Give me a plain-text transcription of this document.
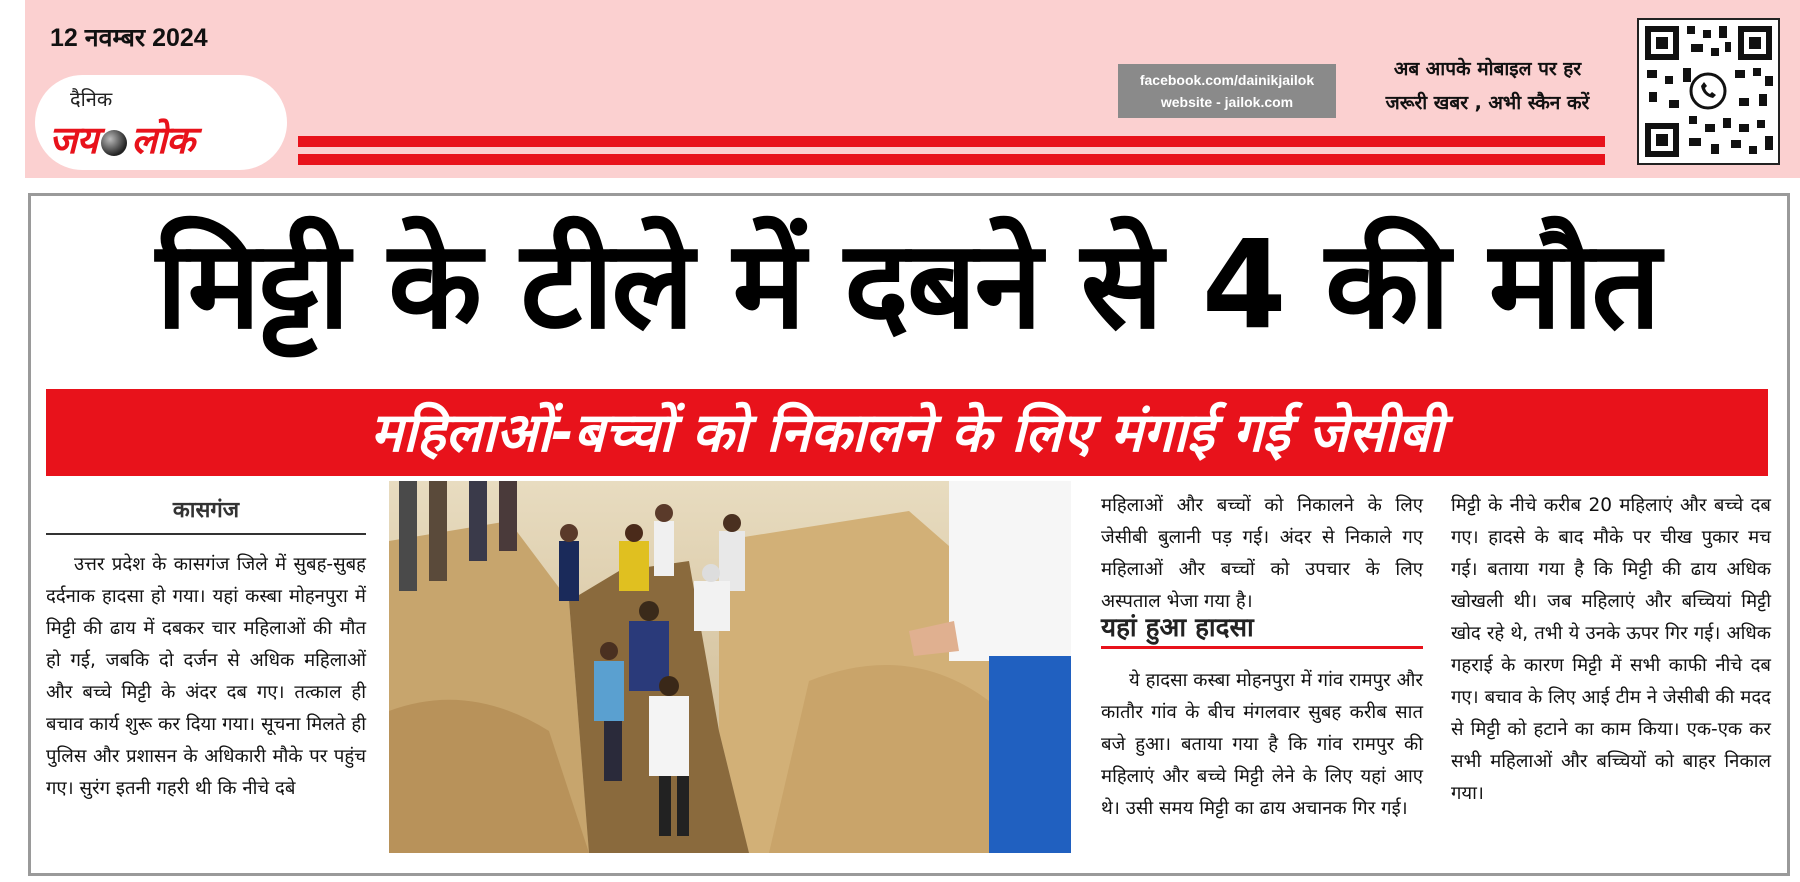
12 नवम्बर 2024
दैनिक
जय लोक
facebook.com/dainikjailok
website - jailok.com
अब आपके मोबाइल पर हर
जरूरी खबर , अभी स्कैन करें
मिट्टी के टीले में दबने से 4 की मौत
महिलाओं-बच्चों को निकालने के लिए मंगाई गई जेसीबी
कासगंज

उत्तर प्रदेश के कासगंज जिले में सुबह-सुबह दर्दनाक हादसा हो गया। यहां कस्बा मोहनपुरा में मिट्टी की ढाय में दबकर चार महिलाओं की मौत हो गई, जबकि दो दर्जन से अधिक महिलाओं और बच्चे मिट्टी के अंदर दब गए। तत्काल ही बचाव कार्य शुरू कर दिया गया। सूचना मिलते ही पुलिस और प्रशासन के अधिकारी मौके पर पहुंच गए। सुरंग इतनी गहरी थी कि नीचे दबे

महिलाओं और बच्चों को निकालने के लिए जेसीबी बुलानी पड़ गई। अंदर से निकाले गए महिलाओं और बच्चों को उपचार के लिए अस्पताल भेजा गया है।

यहां हुआ हादसा

ये हादसा कस्बा मोहनपुरा में गांव रामपुर और कातौर गांव के बीच मंगलवार सुबह करीब सात बजे हुआ। बताया गया है कि गांव रामपुर की महिलाएं और बच्चे मिट्टी लेने के लिए यहां आए थे। उसी समय मिट्टी का ढाय अचानक गिर गई।

मिट्टी के नीचे करीब 20 महिलाएं और बच्चे दब गए। हादसे के बाद मौके पर चीख पुकार मच गई। बताया गया है कि मिट्टी की ढाय अधिक खोखली थी। जब महिलाएं और बच्चियां मिट्टी खोद रहे थे, तभी ये उनके ऊपर गिर गई। अधिक गहराई के कारण मिट्टी में सभी काफी नीचे दब गए। बचाव के लिए आई टीम ने जेसीबी की मदद से मिट्टी को हटाने का काम किया। एक-एक कर सभी महिलाओं और बच्चियों को बाहर निकाल गया।
